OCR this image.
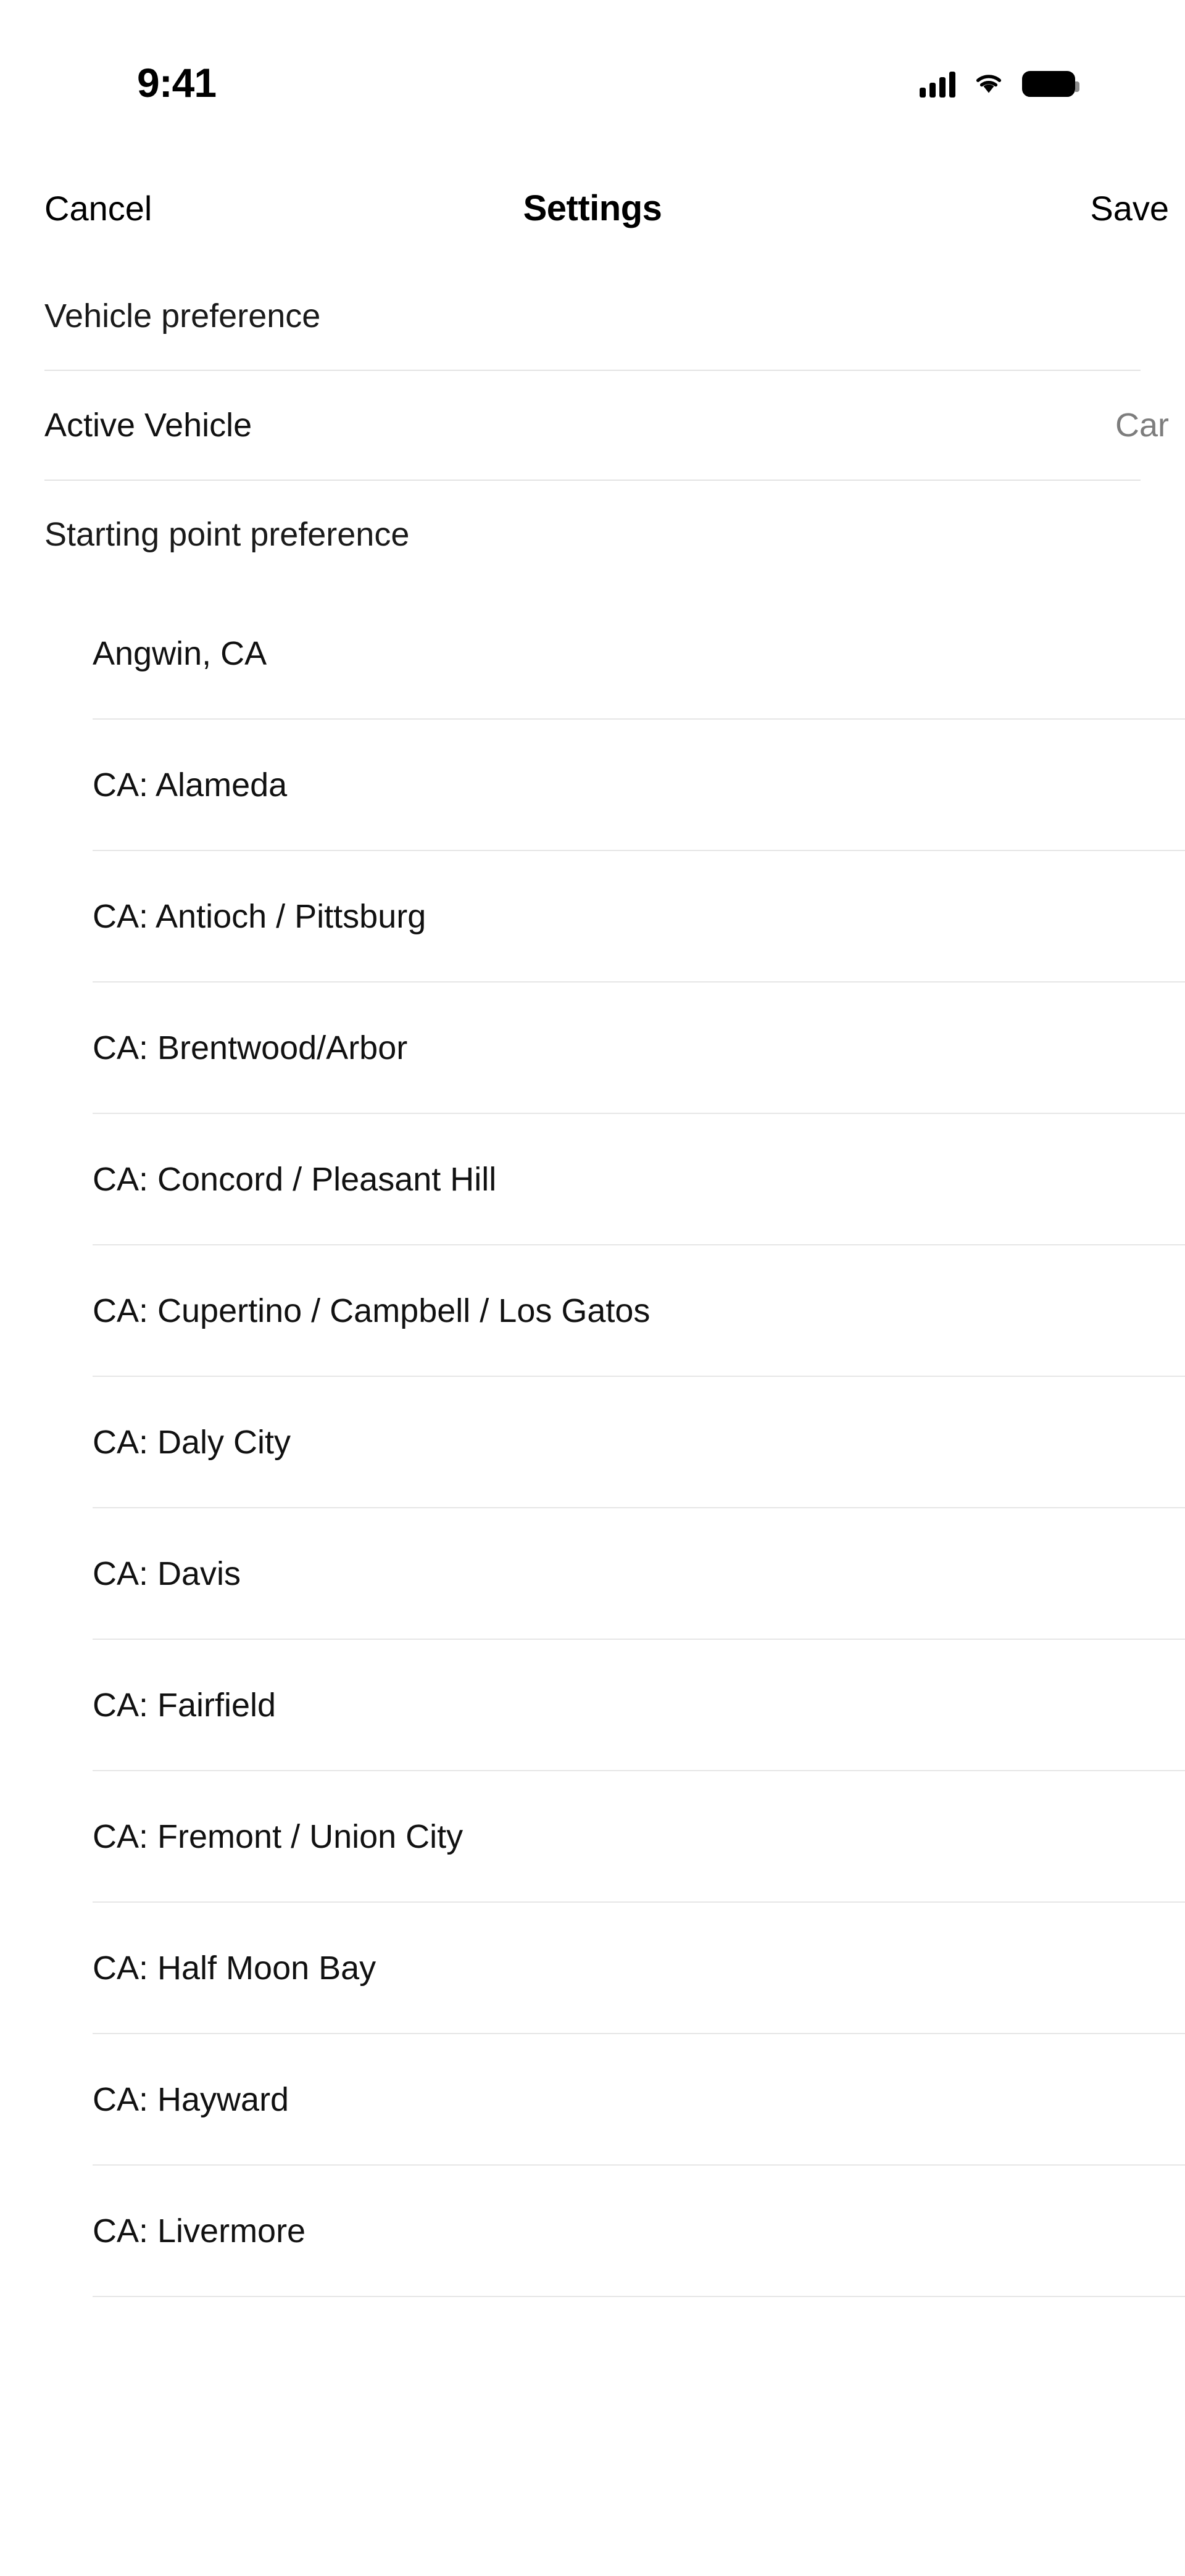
9:41
Cancel	Settings	Save
Vehicle preference
Active Vehicle	Car
Starting point preference
Angwin, CA
CA: Alameda
CA: Antioch / Pittsburg
CA: Brentwood/Arbor
CA: Concord / Pleasant Hill
CA: Cupertino / Campbell / Los Gatos
CA: Daly City
CA: Davis
CA: Fairfield
CA: Fremont / Union City
CA: Half Moon Bay
CA: Hayward
CA: Livermore
